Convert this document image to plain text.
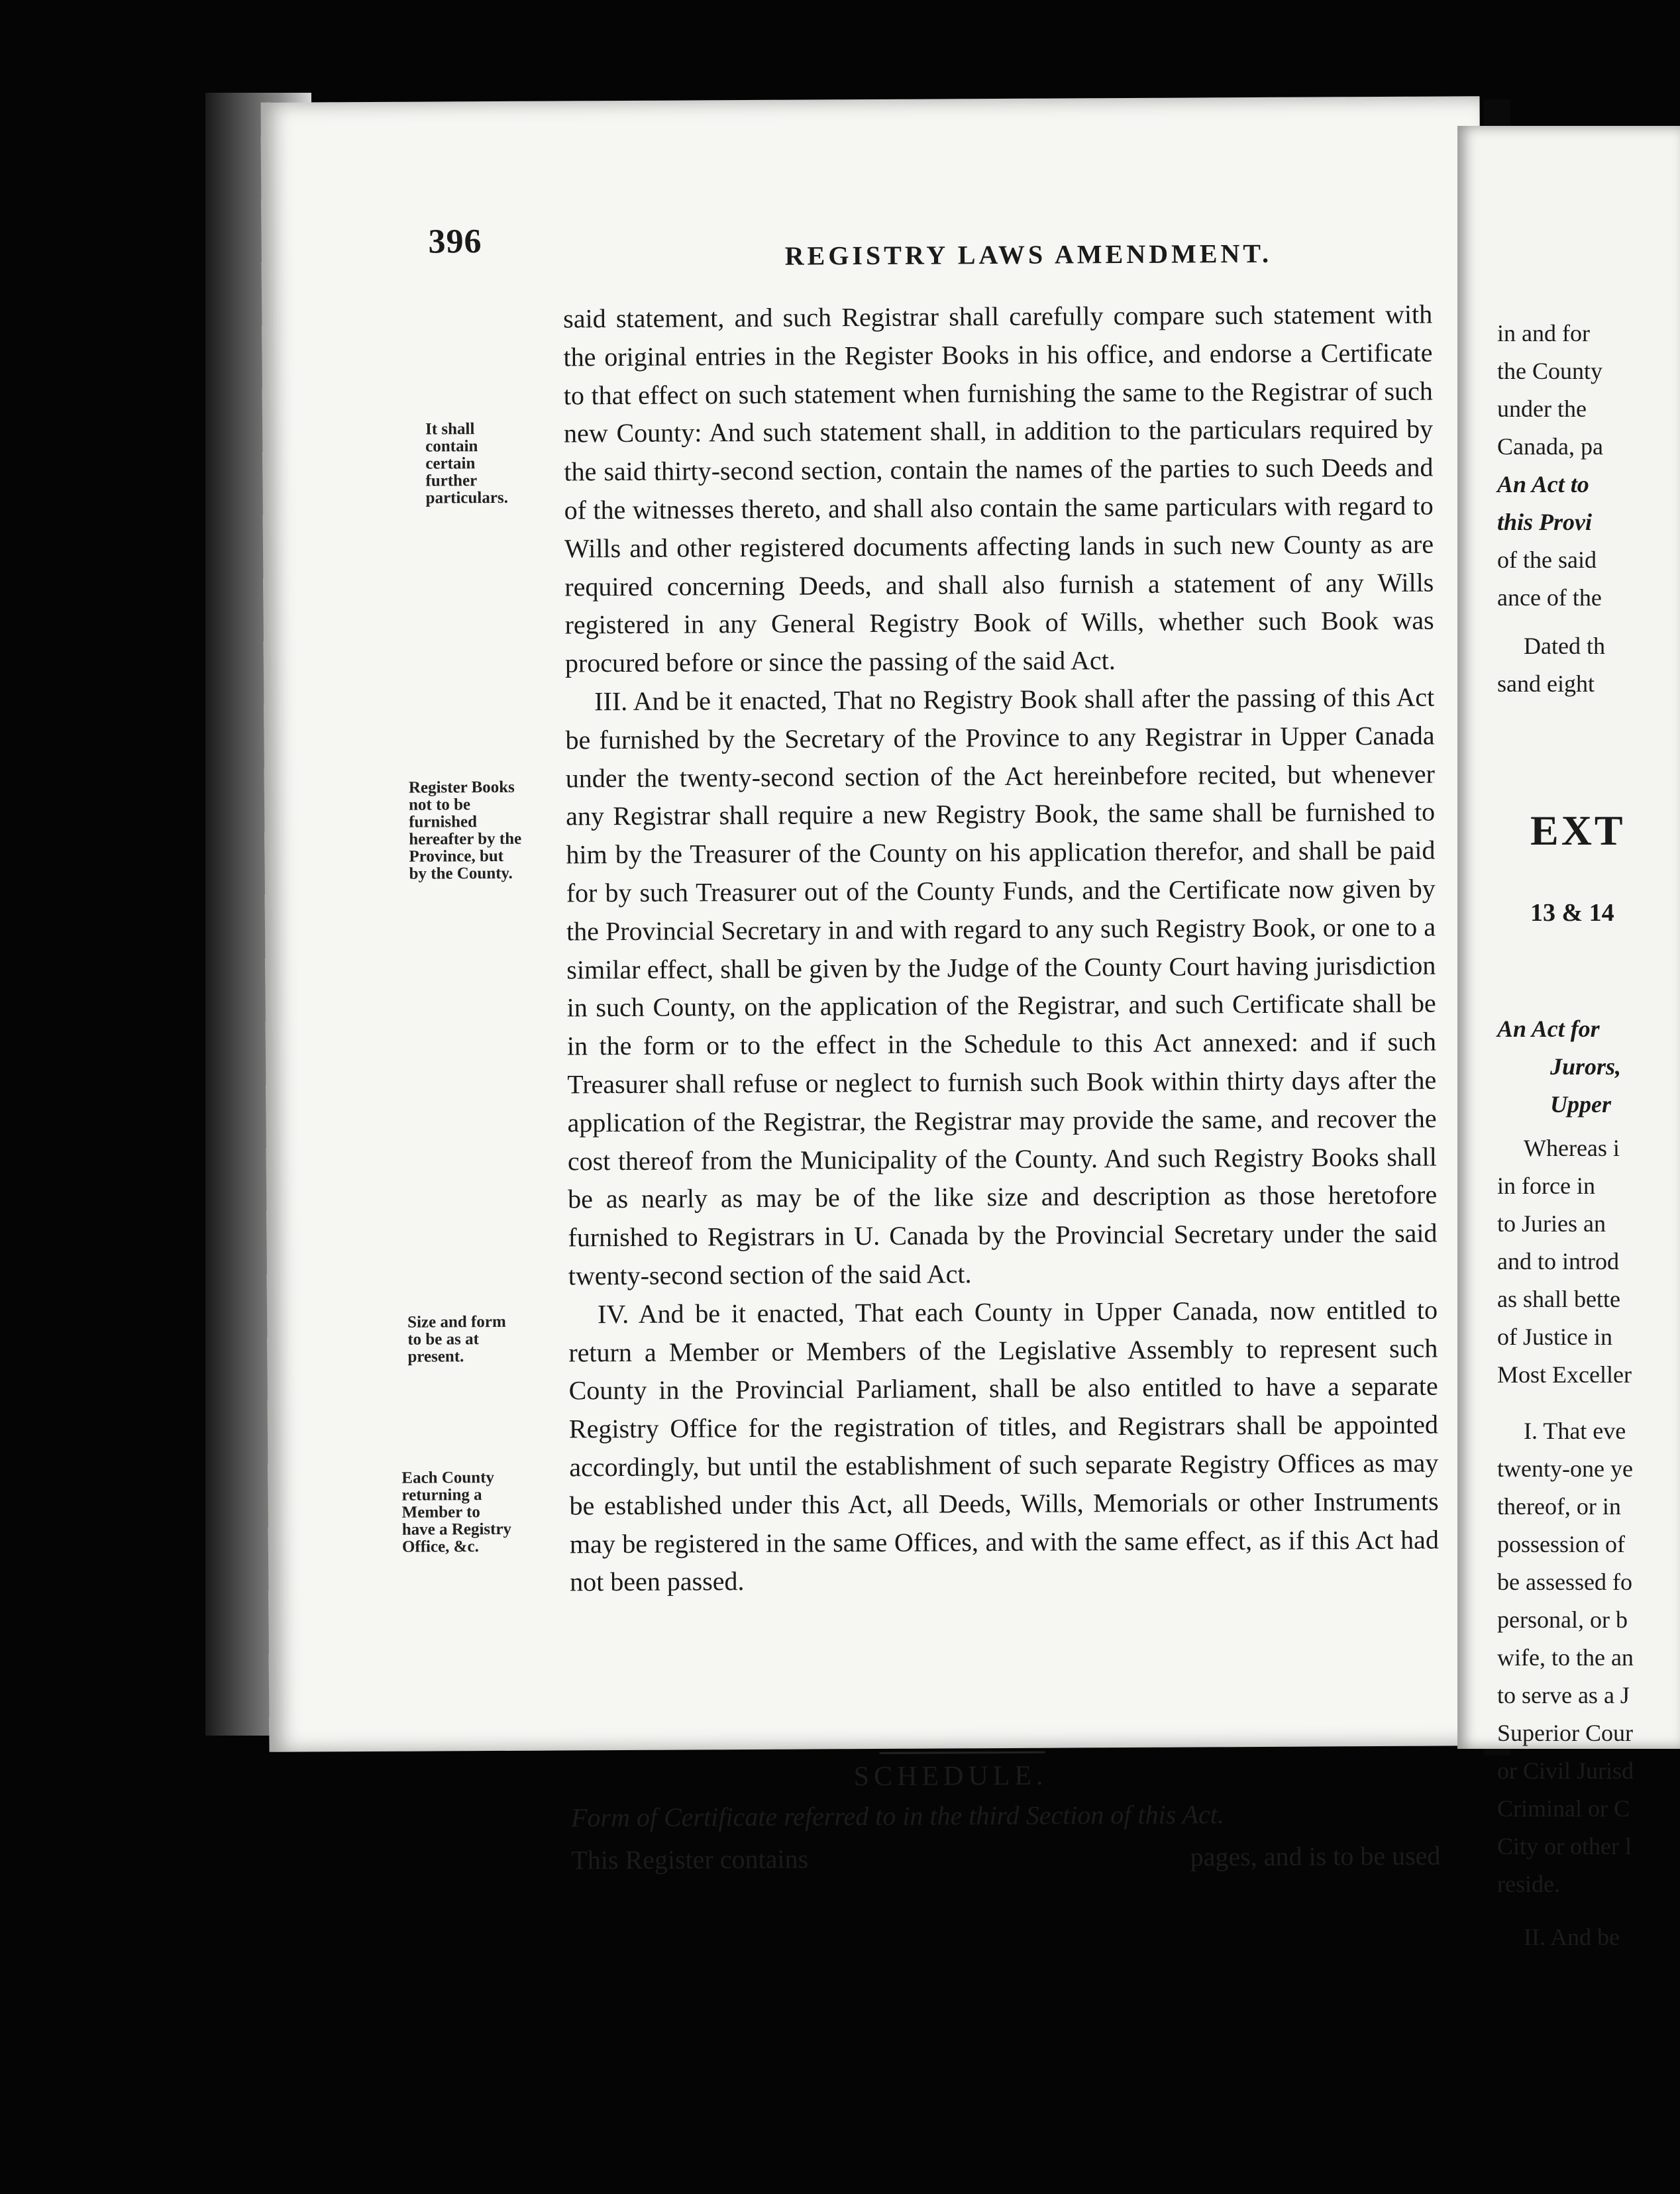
396	REGISTRY LAWS AMENDMENT.
It shall contain certain further particulars.
Register Books not to be furnished hereafter by the Province, but by the County.
Size and form to be as at present.
Each County returning a Member to have a Registry Office, &c.

said statement, and such Registrar shall carefully compare such statement with the original entries in the Register Books in his office, and endorse a Certificate to that effect on such statement when furnishing the same to the Registrar of such new County: And such statement shall, in addition to the particulars required by the said thirty-second section, contain the names of the parties to such Deeds and of the witnesses thereto, and shall also contain the same particulars with regard to Wills and other registered documents affecting lands in such new County as are required concerning Deeds, and shall also furnish a statement of any Wills registered in any General Registry Book of Wills, whether such Book was procured before or since the passing of the said Act.

III. And be it enacted, That no Registry Book shall after the passing of this Act be furnished by the Secretary of the Province to any Registrar in Upper Canada under the twenty-second section of the Act hereinbefore recited, but whenever any Registrar shall require a new Registry Book, the same shall be furnished to him by the Treasurer of the County on his application therefor, and shall be paid for by such Treasurer out of the County Funds, and the Certificate now given by the Provincial Secretary in and with regard to any such Registry Book, or one to a similar effect, shall be given by the Judge of the County Court having jurisdiction in such County, on the application of the Registrar, and such Certificate shall be in the form or to the effect in the Schedule to this Act annexed: and if such Treasurer shall refuse or neglect to furnish such Book within thirty days after the application of the Registrar, the Registrar may provide the same, and recover the cost thereof from the Municipality of the County. And such Registry Books shall be as nearly as may be of the like size and description as those heretofore furnished to Registrars in U. Canada by the Provincial Secretary under the said twenty-second section of the said Act.

IV. And be it enacted, That each County in Upper Canada, now entitled to return a Member or Members of the Legislative Assembly to represent such County in the Provincial Parliament, shall be also entitled to have a separate Registry Office for the registration of titles, and Registrars shall be appointed accordingly, but until the establishment of such separate Registry Offices as may be established under this Act, all Deeds, Wills, Memorials or other Instruments may be registered in the same Offices, and with the same effect, as if this Act had not been passed.

SCHEDULE.
Form of Certificate referred to in the third Section of this Act.
This Register contains	pages, and is to be used
in and for
the County
under the
Canada, pa
An Act to
this Provi
of the said
ance of the
Dated th
sand eight
EXT
13 & 14
An Act for
Jurors,
Upper
Whereas i
in force in
to Juries an
and to introd
as shall bette
of Justice in
Most Exceller
I. That eve
twenty-one ye
thereof, or in
possession of
be assessed fo
personal, or b
wife, to the an
to serve as a J
Superior Cour
or Civil Jurisd
Criminal or C
City or other l
reside.
II. And be
